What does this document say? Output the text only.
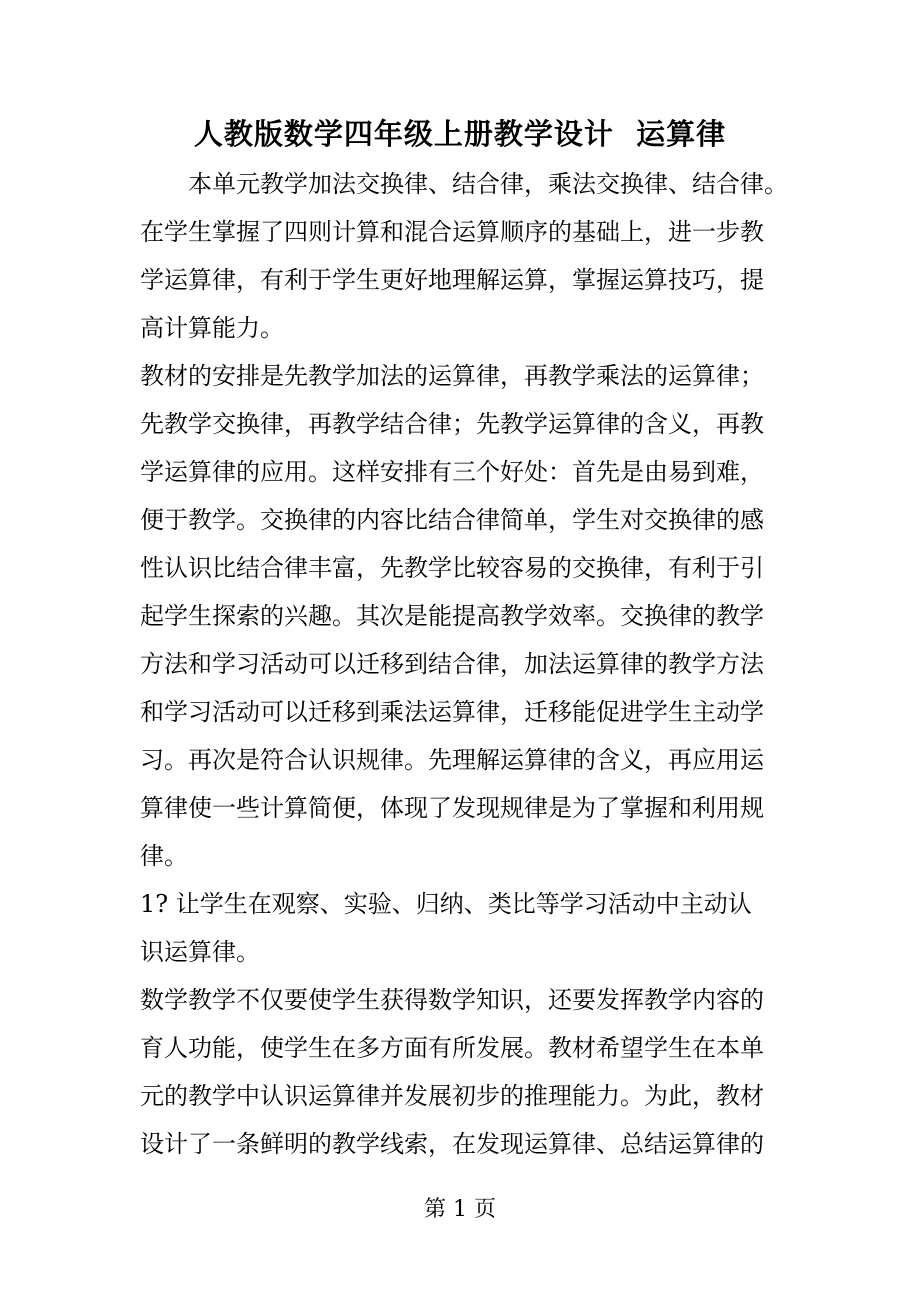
人教版数学四年级上册教学设计  运算律
本单元教学加法交换律、结合律，乘法交换律、结合律。
在学生掌握了四则计算和混合运算顺序的基础上，进一步教
学运算律，有利于学生更好地理解运算，掌握运算技巧，提
高计算能力。
教材的安排是先教学加法的运算律，再教学乘法的运算律；
先教学交换律，再教学结合律；先教学运算律的含义，再教
学运算律的应用。这样安排有三个好处：首先是由易到难，
便于教学。交换律的内容比结合律简单，学生对交换律的感
性认识比结合律丰富，先教学比较容易的交换律，有利于引
起学生探索的兴趣。其次是能提高教学效率。交换律的教学
方法和学习活动可以迁移到结合律，加法运算律的教学方法
和学习活动可以迁移到乘法运算律，迁移能促进学生主动学
习。再次是符合认识规律。先理解运算律的含义，再应用运
算律使一些计算简便，体现了发现规律是为了掌握和利用规
律。
1? 让学生在观察、实验、归纳、类比等学习活动中主动认
识运算律。
数学教学不仅要使学生获得数学知识，还要发挥教学内容的
育人功能，使学生在多方面有所发展。教材希望学生在本单
元的教学中认识运算律并发展初步的推理能力。为此，教材
设计了一条鲜明的教学线索，在发现运算律、总结运算律的
第 1 页
